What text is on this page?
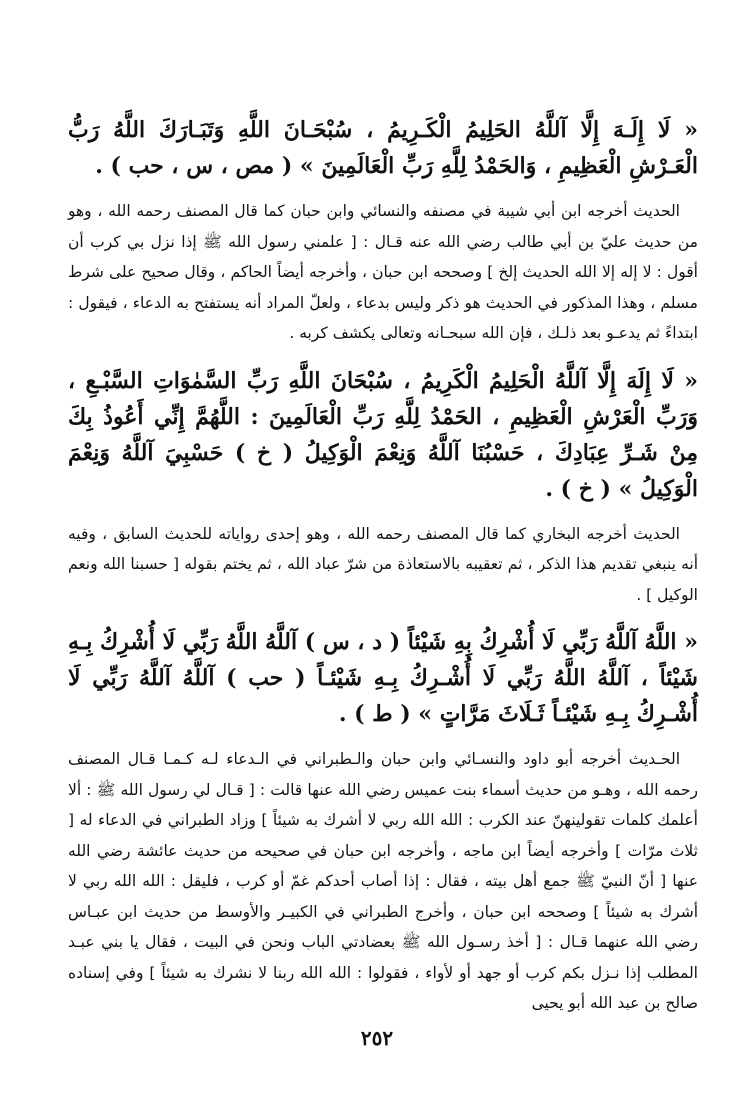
« لَا إِلَـهَ إِلَّا آللَّهُ الحَلِيمُ الْكَـرِيمُ ، سُبْحَـانَ اللَّهِ وَتَبَـارَكَ اللَّهُ رَبُّ الْعَـرْشِ الْعَظِيمِ ، وَالحَمْدُ لِلَّهِ رَبِّ الْعَالَمِينَ » ( مص ، س ، حب ) .

الحديث أخرجه ابن أبي شيبة في مصنفه والنسائي وابن حبان كما قال المصنف رحمه الله ، وهو من حديث عليّ بن أبي طالب رضي الله عنه قـال : [ علمني رسول الله ﷺ إذا نزل بي كرب أن أقول : لا إله إلا الله الحديث إلخ ] وصححه ابن حبان ، وأخرجه أيضاً الحاكم ، وقال صحيح على شرط مسلم ، وهذا المذكور في الحديث هو ذكر وليس بدعاء ، ولعلّ المراد أنه يستفتح به الدعاء ، فيقول : ابتداءً ثم يدعـو بعد ذلـك ، فإن الله سبحـانه وتعالى يكشف كربه .

« لَا إِلَهَ إِلَّا آللَّهُ الْحَلِيمُ الْكَرِيمُ ، سُبْحَانَ اللَّهِ رَبِّ السَّمٰوَاتِ السَّبْـعِ ، وَرَبِّ الْعَرْشِ الْعَظِيمِ ، الحَمْدُ لِلَّهِ رَبِّ الْعَالَمِينَ : اللَّهُمَّ إِنِّي أَعُوذُ بِكَ مِنْ شَـرِّ عِبَادِكَ ، حَسْبُنَا آللَّهُ وَنِعْمَ الْوَكِيلُ ( خ ) حَسْبِيَ آللَّهُ وَنِعْمَ الْوَكِيلُ » ( خ ) .

الحديث أخرجه البخاري كما قال المصنف رحمه الله ، وهو إحدى رواياته للحديث السابق ، وفيه أنه ينبغي تقديم هذا الذكر ، ثم تعقيبه بالاستعاذة من شرّ عباد الله ، ثم يختم بقوله [ حسبنا الله ونعم الوكيل ] .

« اللَّهُ آللَّهُ رَبِّي لَا أُشْرِكُ بِهِ شَيْئاً ( د ، س ) آللَّهُ اللَّهُ رَبِّي لَا أُشْرِكُ بِـهِ شَيْئاً ، آللَّهُ اللَّهُ رَبِّي لَا أُشْـرِكُ بِـهِ شَيْئـاً ( حب ) آللَّهُ آللَّهُ رَبِّي لَا أُشْـرِكُ بِـهِ شَيْئـاً ثَـلَاثَ مَرَّاتٍ » ( ط ) .

الحـديث أخرجه أبو داود والنسـائي وابن حبان والـطبراني في الـدعاء لـه كـمـا قـال المصنف رحمه الله ، وهـو من حديث أسماء بنت عميس رضي الله عنها قالت : [ قـال لي رسول الله ﷺ : ألا أعلمك كلمات تقولينهنّ عند الكرب : الله الله ربي لا أشرك به شيئاً ] وزاد الطبراني في الدعاء له [ ثلاث مرّات ] وأخرجه أيضاً ابن ماجه ، وأخرجه ابن حبان في صحيحه من حديث عائشة رضي الله عنها [ أنّ النبيّ ﷺ جمع أهل بيته ، فقال : إذا أصاب أحدكم غمّ أو كرب ، فليقل : الله الله ربي لا أشرك به شيئاً ] وصححه ابن حبان ، وأخرج الطبراني في الكبيـر والأوسط من حديث ابن عبـاس رضي الله عنهما قـال : [ أخذ رسـول الله ﷺ بعضادتي الباب ونحن في البيت ، فقال يا بني عبـد المطلب إذا نـزل بكم كرب أو جهد أو لأواء ، فقولوا : الله الله ربنا لا نشرك به شيئاً ] وفي إسناده صالح بن عبد الله أبو يحيى

٢٥٢
